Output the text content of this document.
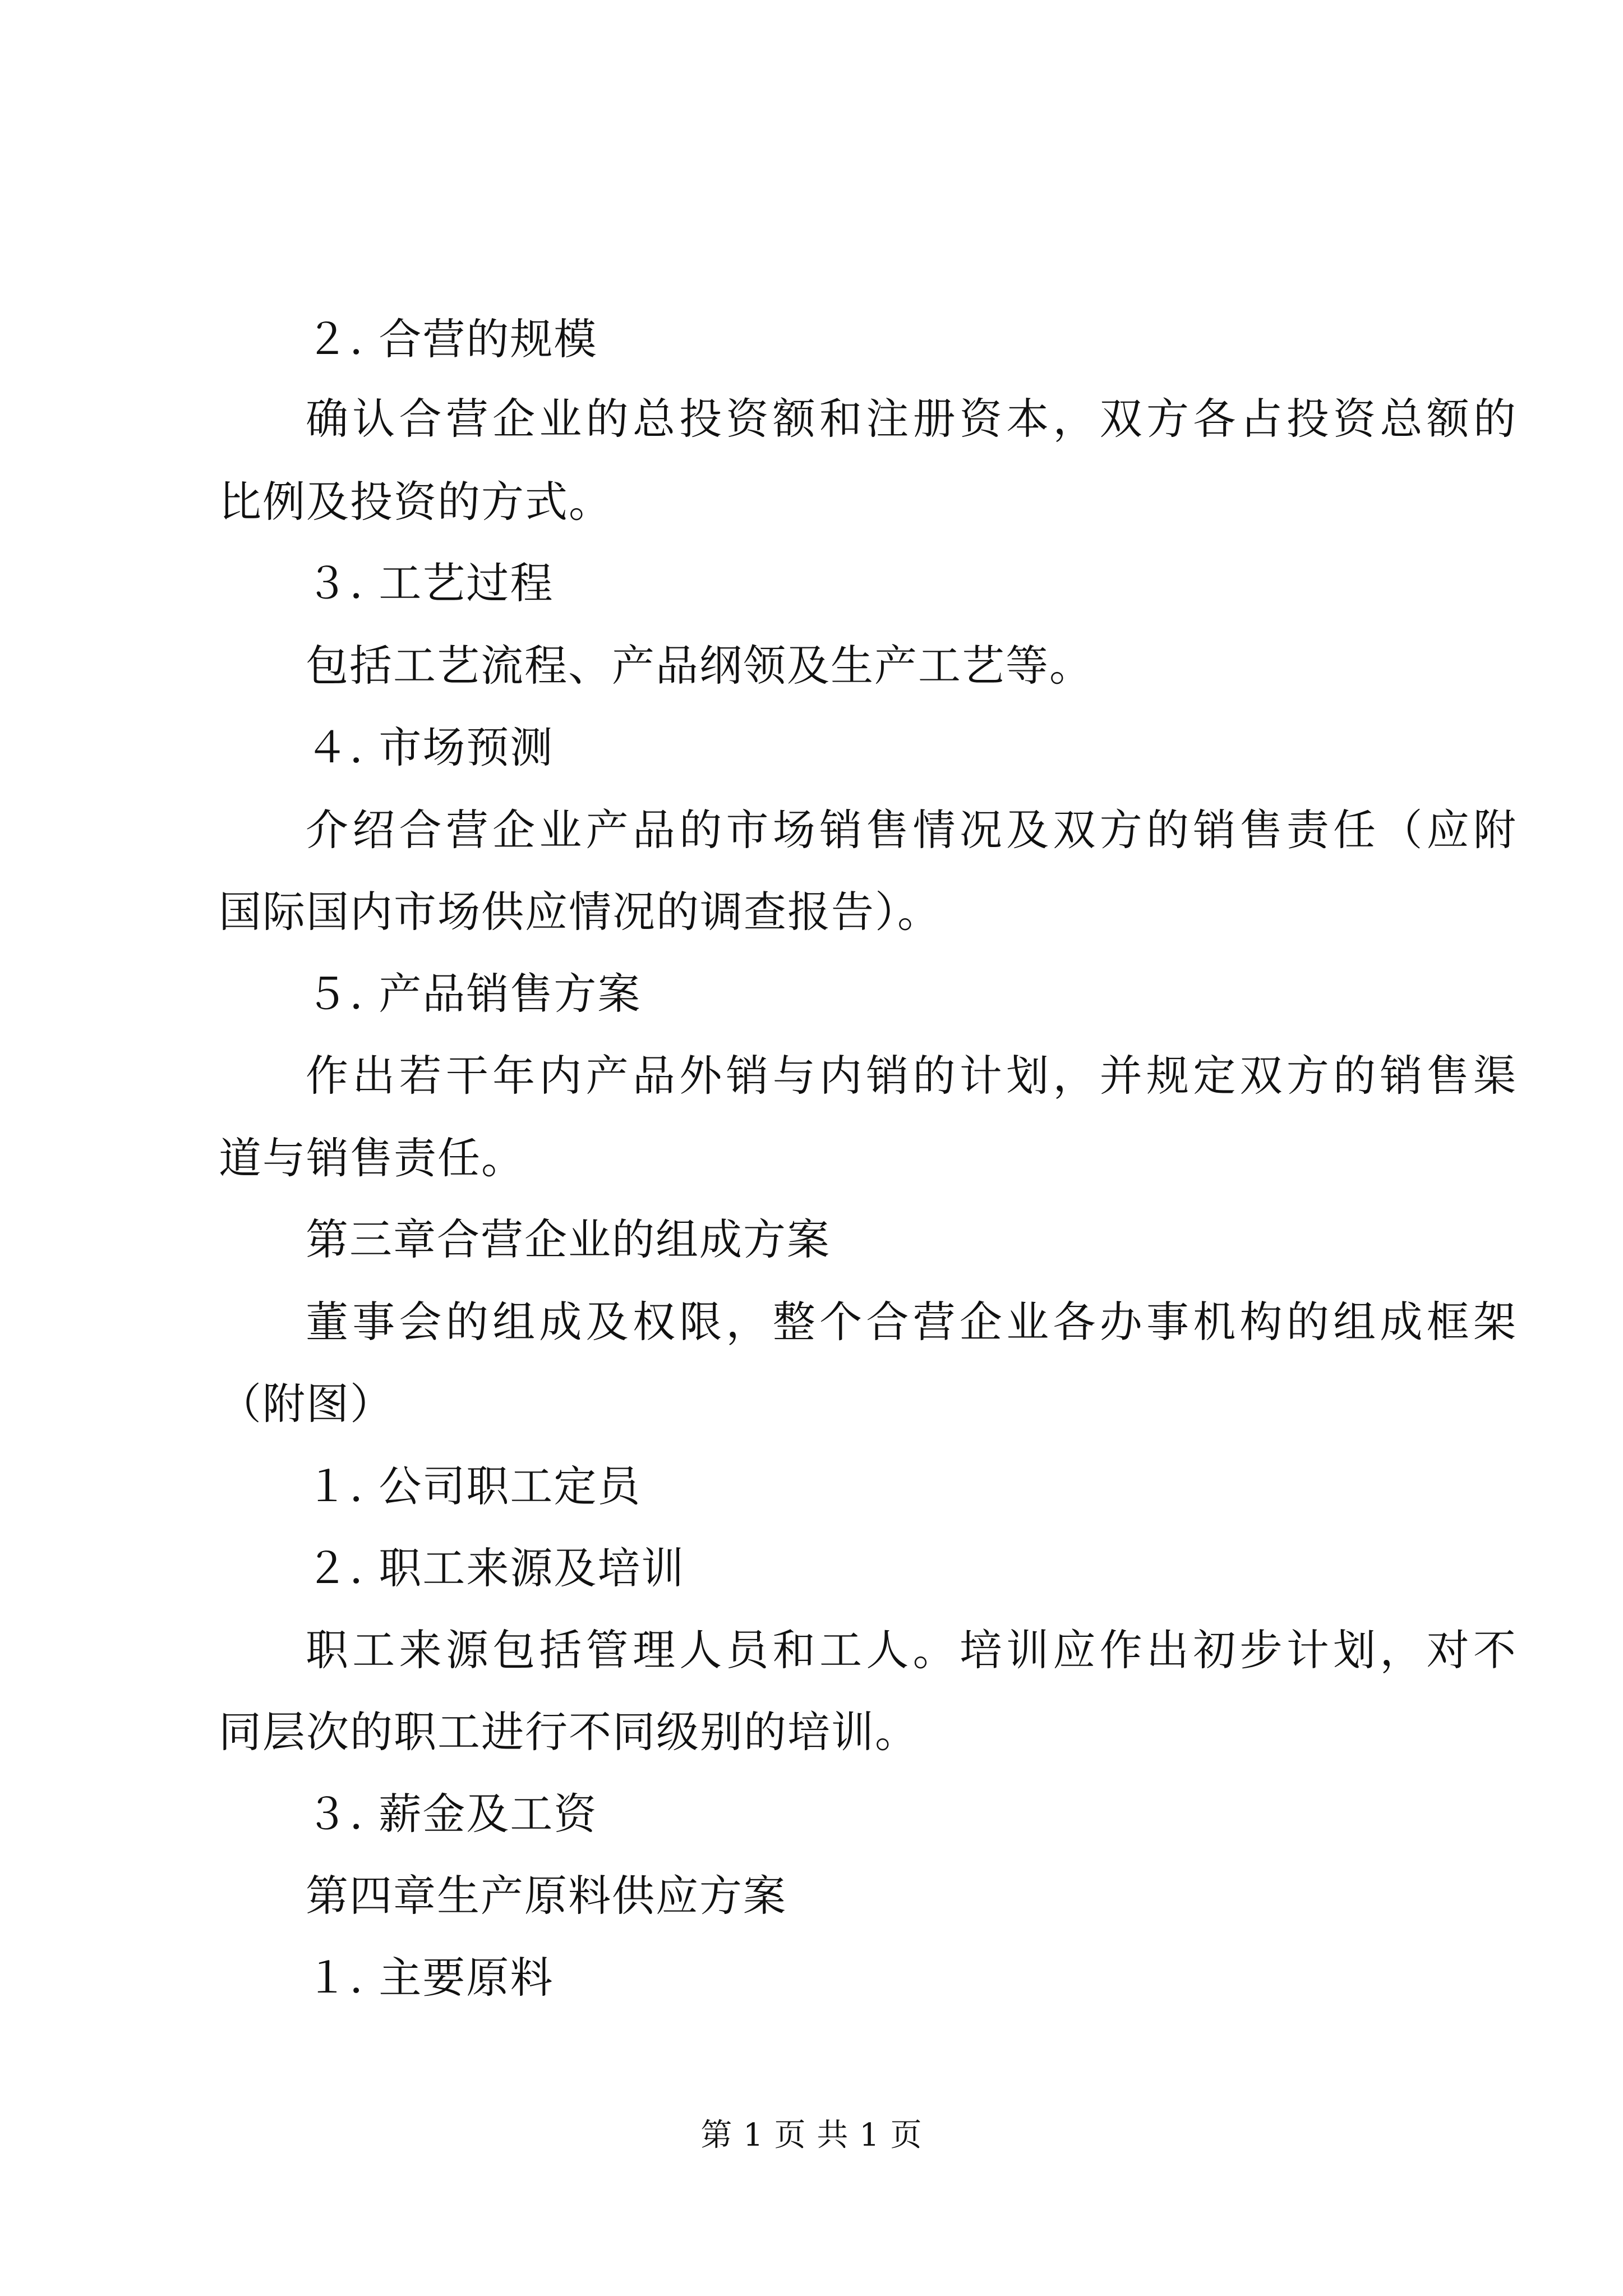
２. 合营的规模
确认合营企业的总投资额和注册资本，双方各占投资总额的
比例及投资的方式。
３. 工艺过程
包括工艺流程、产品纲领及生产工艺等。
４. 市场预测
介绍合营企业产品的市场销售情况及双方的销售责任（应附
国际国内市场供应情况的调查报告）。
５. 产品销售方案
作出若干年内产品外销与内销的计划，并规定双方的销售渠
道与销售责任。
第三章合营企业的组成方案
董事会的组成及权限，整个合营企业各办事机构的组成框架
（附图）
１. 公司职工定员
２. 职工来源及培训
职工来源包括管理人员和工人。培训应作出初步计划，对不
同层次的职工进行不同级别的培训。
３. 薪金及工资
第四章生产原料供应方案
１. 主要原料
第 1 页 共 1 页
